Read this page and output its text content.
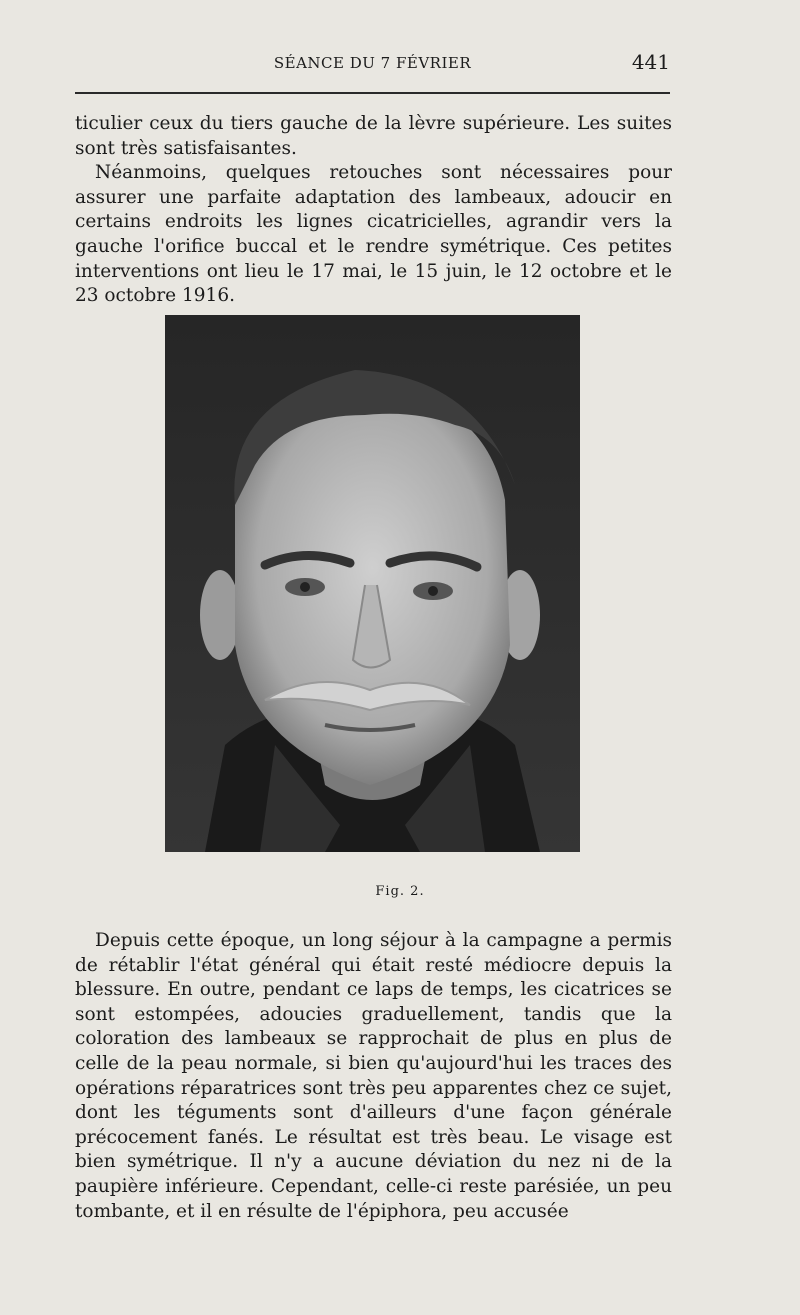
SÉANCE DU 7 FÉVRIER	441

ticulier ceux du tiers gauche de la lèvre supérieure. Les suites sont très satisfaisantes.

Néanmoins, quelques retouches sont nécessaires pour assurer une parfaite adaptation des lambeaux, adoucir en certains endroits les lignes cicatricielles, agrandir vers la gauche l'orifice buccal et le rendre symétrique. Ces petites interventions ont lieu le 17 mai, le 15 juin, le 12 octobre et le 23 octobre 1916.

Fig. 2.

Depuis cette époque, un long séjour à la campagne a permis de rétablir l'état général qui était resté médiocre depuis la blessure. En outre, pendant ce laps de temps, les cicatrices se sont estompées, adoucies graduellement, tandis que la coloration des lambeaux se rapprochait de plus en plus de celle de la peau normale, si bien qu'aujourd'hui les traces des opérations réparatrices sont très peu apparentes chez ce sujet, dont les téguments sont d'ailleurs d'une façon générale précocement fanés. Le résultat est très beau. Le visage est bien symétrique. Il n'y a aucune déviation du nez ni de la paupière inférieure. Cependant, celle-ci reste parésiée, un peu tombante, et il en résulte de l'épiphora, peu accusée
